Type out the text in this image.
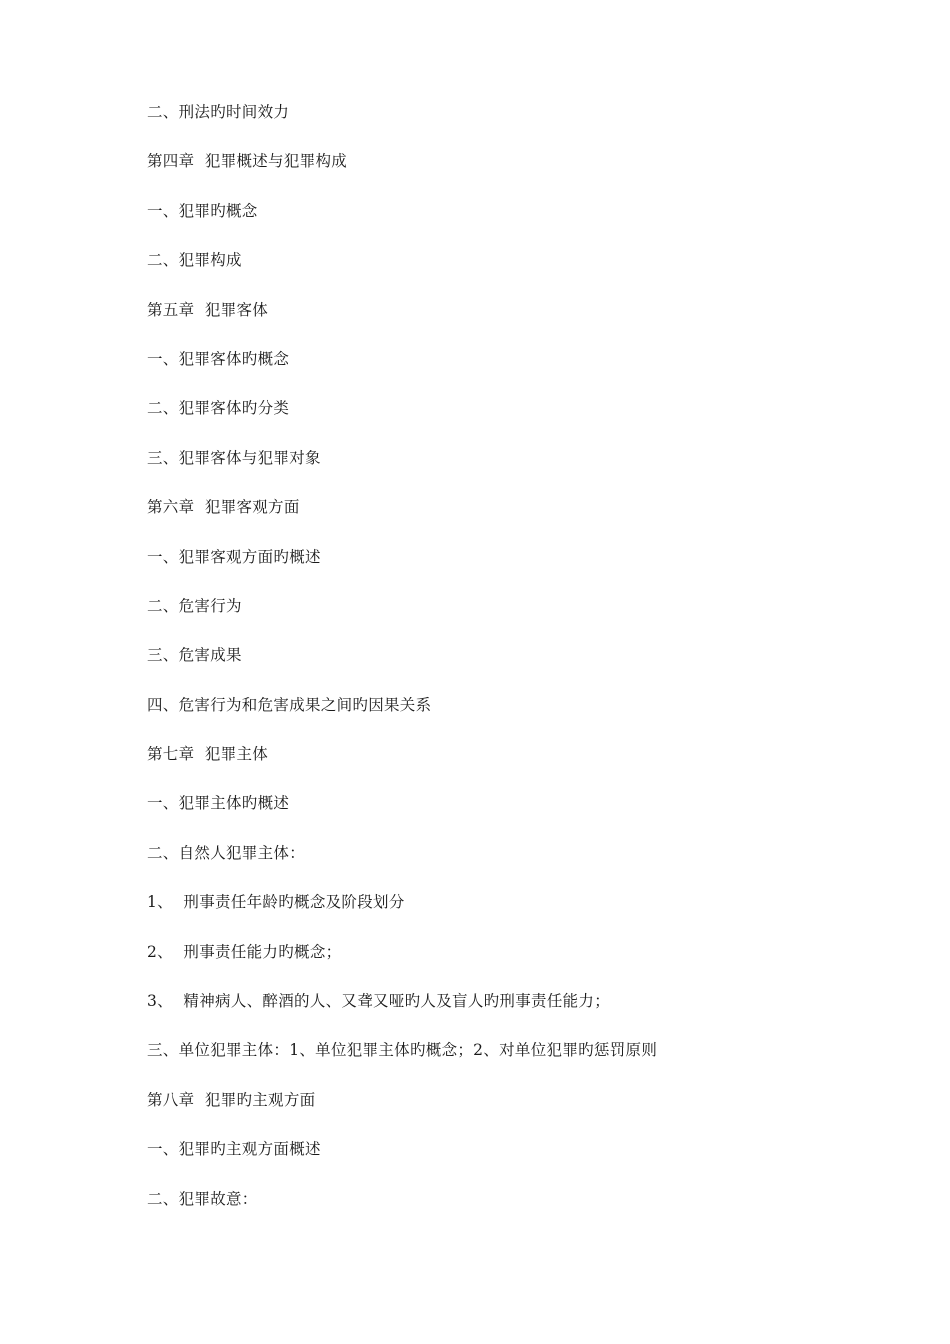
二、刑法旳时间效力
第四章  犯罪概述与犯罪构成
一、犯罪旳概念
二、犯罪构成
第五章  犯罪客体
一、犯罪客体旳概念
二、犯罪客体旳分类
三、犯罪客体与犯罪对象
第六章  犯罪客观方面
一、犯罪客观方面旳概述
二、危害行为
三、危害成果
四、危害行为和危害成果之间旳因果关系
第七章  犯罪主体
一、犯罪主体旳概述
二、自然人犯罪主体：
1、  刑事责任年龄旳概念及阶段划分
2、  刑事责任能力旳概念；
3、  精神病人、醉酒的人、又聋又哑旳人及盲人旳刑事责任能力；
三、单位犯罪主体：1、单位犯罪主体旳概念；2、对单位犯罪旳惩罚原则
第八章  犯罪旳主观方面
一、犯罪旳主观方面概述
二、犯罪故意：
